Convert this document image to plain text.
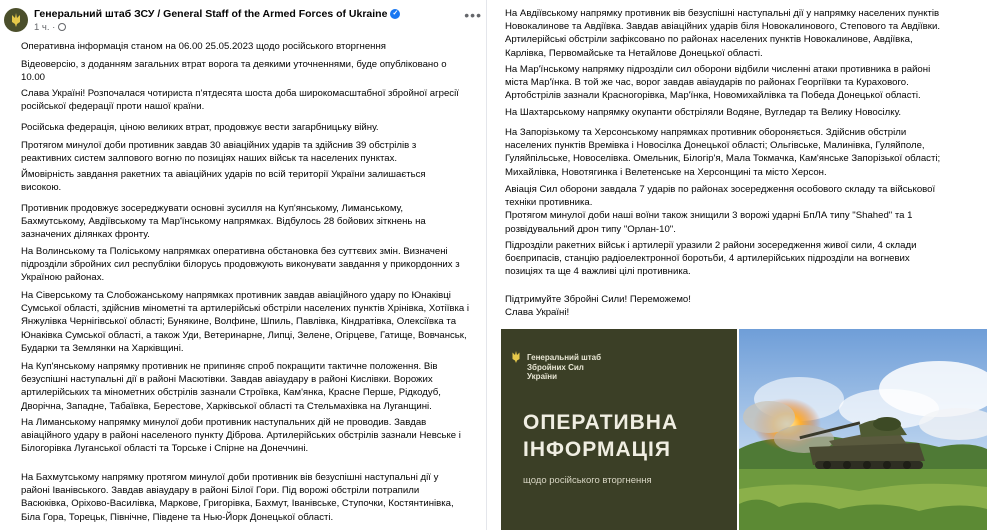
Генеральний штаб ЗСУ / General Staff of the Armed Forces of Ukraine ✓
1 ч. ·
•••
Оперативна інформація станом на 06.00 25.05.2023 щодо російського вторгнення
Відеоверсію, з доданням загальних втрат ворога та деякими уточненнями, буде опублiковано о
10.00
Слава Україні! Розпочалася чотириста п'ятдесята шоста доба широкомасштабної збройної агресії
російської федерації проти нашої країни.
Російська федерація, ціною великих втрат, продовжує вести загарбницьку війну.
Протягом минулої доби противник завдав 30 авіаційних ударів та здійснив 39 обстрілів з
реактивних систем залпового вогню по позиціях наших військ та населених пунктах.
Ймовірність завдання ракетних та авіаційних ударів по всій території України залишається
високою.
Противник продовжує зосереджувати основні зусилля на Куп'янському, Лиманському,
Бахмутському, Авдіївському та Мар'їнському напрямках. Відбулось 28 бойових зіткнень на
зазначених ділянках фронту.
На Волинському та Поліському напрямках оперативна обстановка без суттєвих змін. Визначені
підрозділи збройних сил республіки білорусь продовжують виконувати завдання у прикордонних з
Україною районах.
На Сіверському та Слобожанському напрямках противник завдав авіаційного удару по Юнаківці
Сумської області, здійснив мінометні та артилерійські обстріли населених пунктів Хрінівка, Хотіївка і
Янжулівка Чернігівської області; Бунякине, Волфине, Шпиль, Павлівка, Кіндратівка, Олексіївка та
Юнаківка Сумської області, а також Уди, Ветеринарне, Липці, Зелене, Огірцеве, Гатище, Вовчанськ,
Бударки та Землянки на Харківщині.
На Куп'янському напрямку противник не припиняє спроб покращити тактичне положення. Вів
безуспішні наступальні дії в районі Масютівки. Завдав авіаудару в районі Кислівки. Ворожих
артилерійських та мінометних обстрілів зазнали Строївка, Кам'янка, Красне Перше, Рідкодуб,
Дворічна, Западне, Табаївка, Берестове, Харківської області та Стельмахівка на Луганщині.
На Лиманському напрямку минулої доби противник наступальних дій не проводив. Завдав
авіаційного удару в районі населеного пункту Діброва. Артилерійських обстрілів зазнали Невське і
Білогорівка Луганської області та Торське і Спірне на Донеччині.
На Бахмутському напрямку протягом минулої доби противник вів безуспішні наступальні дії у
районі Іванівського. Завдав авіаудару в районі Білої Гори. Під ворожі обстріли потрапили
Васюківка, Оріхово-Василівка, Маркове, Григорівка, Бахмут, Іванівське, Ступочки, Костянтинівка,
Біла Гора, Торецьк, Північне, Південе та Нью-Йорк Донецької області.
На Авдіївському напрямку противник вів безуспішні наступальні дії у напрямку населених пунктів
Новокалинове та Авдіївка. Завдав авіаційних ударів біля Новокалинового, Степового та Авдіївки.
Артилерійські обстріли зафіксовано по районах населених пунктів Новокалинове, Авдіївка,
Карлівка, Первомайське та Нетайлове Донецької області.
На Мар'їнському напрямку підрозділи сил оборони відбили численні атаки противника в районі
міста Мар'їнка. В той же час, ворог завдав авіаударів по районах Георгіївки та Курахового.
Артобстрілів зазнали Красногорівка, Мар'їнка, Новомихайлівка та Победа Донецької області.
На Шахтарському напрямку окупанти обстріляли Водяне, Вугледар та Велику Новосілку.
На Запорізькому та Херсонському напрямках противник обороняється. Здійснив обстріли
населених пунктів Времівка і Новосілка Донецької області; Ольгівське, Малинівка, Гуляйполе,
Гуляйпільське, Новоселівка. Омельник, Білогір'я, Мала Токмачка, Кам'янське Запорізької області;
Михайлівка, Новотягинка і Велетенське на Херсонщині та місто Херсон.
Авіація Сил оборони завдала 7 ударів по районах зосередження особового складу та військової
техніки противника.
Протягом минулої доби наші воїни також знищили 3 ворожі ударні БпЛА типу "Shahed" та 1
розвідувальний дрон типу "Орлан-10".
Підрозділи ракетних військ і артилерії уразили 2 райони зосередження живої сили, 4 склади
боєприпасів, станцію радіоелектронної боротьби, 4 артилерійських підрозділи на вогневих
позиціях та ще 4 важливі цілі противника.
Підтримуйте Збройні Сили! Переможемо!
Слава Україні!
Генеральний штаб
Збройних Сил
України
ОПЕРАТИВНА
ІНФОРМАЦІЯ
щодо російського вторгнення
